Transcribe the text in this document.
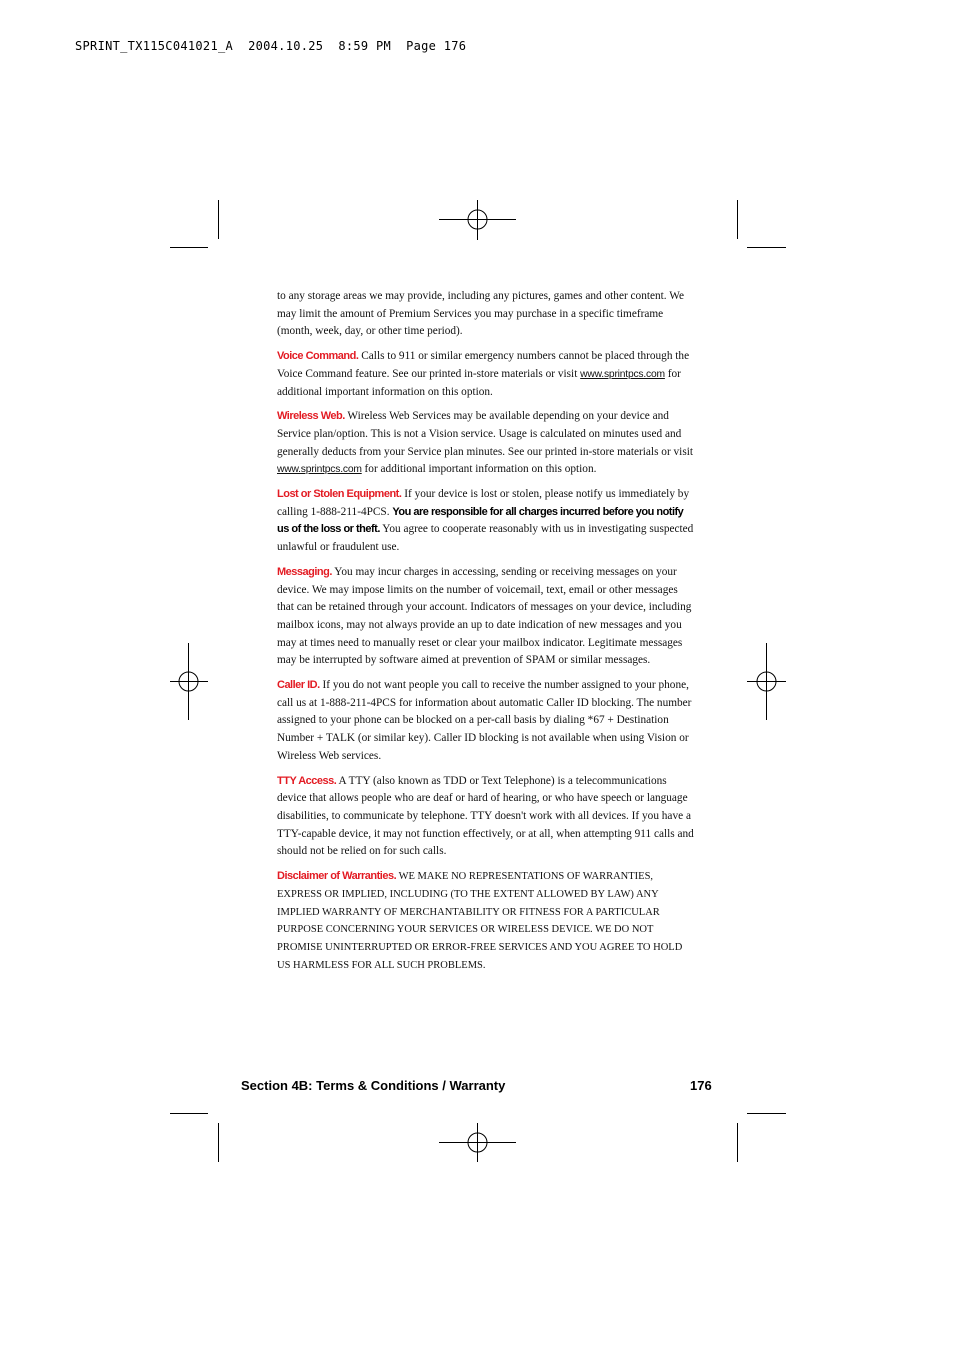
SPRINT_TX115C041021_A  2004.10.25  8:59 PM  Page 176

to any storage areas we may provide, including any pictures, games and other content. We may limit the amount of Premium Services you may purchase in a specific timeframe (month, week, day, or other time period).

Voice Command. Calls to 911 or similar emergency numbers cannot be placed through the Voice Command feature. See our printed in-store materials or visit www.sprintpcs.com for additional important information on this option.

Wireless Web. Wireless Web Services may be available depending on your device and Service plan/option. This is not a Vision service. Usage is calculated on minutes used and generally deducts from your Service plan minutes. See our printed in-store materials or visit www.sprintpcs.com for additional important information on this option.

Lost or Stolen Equipment. If your device is lost or stolen, please notify us immediately by calling 1-888-211-4PCS. You are responsible for all charges incurred before you notify us of the loss or theft. You agree to cooperate reasonably with us in investigating suspected unlawful or fraudulent use.

Messaging. You may incur charges in accessing, sending or receiving messages on your device. We may impose limits on the number of voicemail, text, email or other messages that can be retained through your account. Indicators of messages on your device, including mailbox icons, may not always provide an up to date indication of new messages and you may at times need to manually reset or clear your mailbox indicator. Legitimate messages may be interrupted by software aimed at prevention of SPAM or similar messages.

Caller ID. If you do not want people you call to receive the number assigned to your phone, call us at 1-888-211-4PCS for information about automatic Caller ID blocking. The number assigned to your phone can be blocked on a per-call basis by dialing *67 + Destination Number + TALK (or similar key). Caller ID blocking is not available when using Vision or Wireless Web services.

TTY Access. A TTY (also known as TDD or Text Telephone) is a telecommunications device that allows people who are deaf or hard of hearing, or who have speech or language disabilities, to communicate by telephone. TTY doesn't work with all devices. If you have a TTY-capable device, it may not function effectively, or at all, when attempting 911 calls and should not be relied on for such calls.

Disclaimer of Warranties. WE MAKE NO REPRESENTATIONS OF WARRANTIES, EXPRESS OR IMPLIED, INCLUDING (TO THE EXTENT ALLOWED BY LAW) ANY IMPLIED WARRANTY OF MERCHANTABILITY OR FITNESS FOR A PARTICULAR PURPOSE CONCERNING YOUR SERVICES OR WIRELESS DEVICE. WE DO NOT PROMISE UNINTERRUPTED OR ERROR-FREE SERVICES AND YOU AGREE TO HOLD US HARMLESS FOR ALL SUCH PROBLEMS.

Section 4B: Terms & Conditions / Warranty	176
